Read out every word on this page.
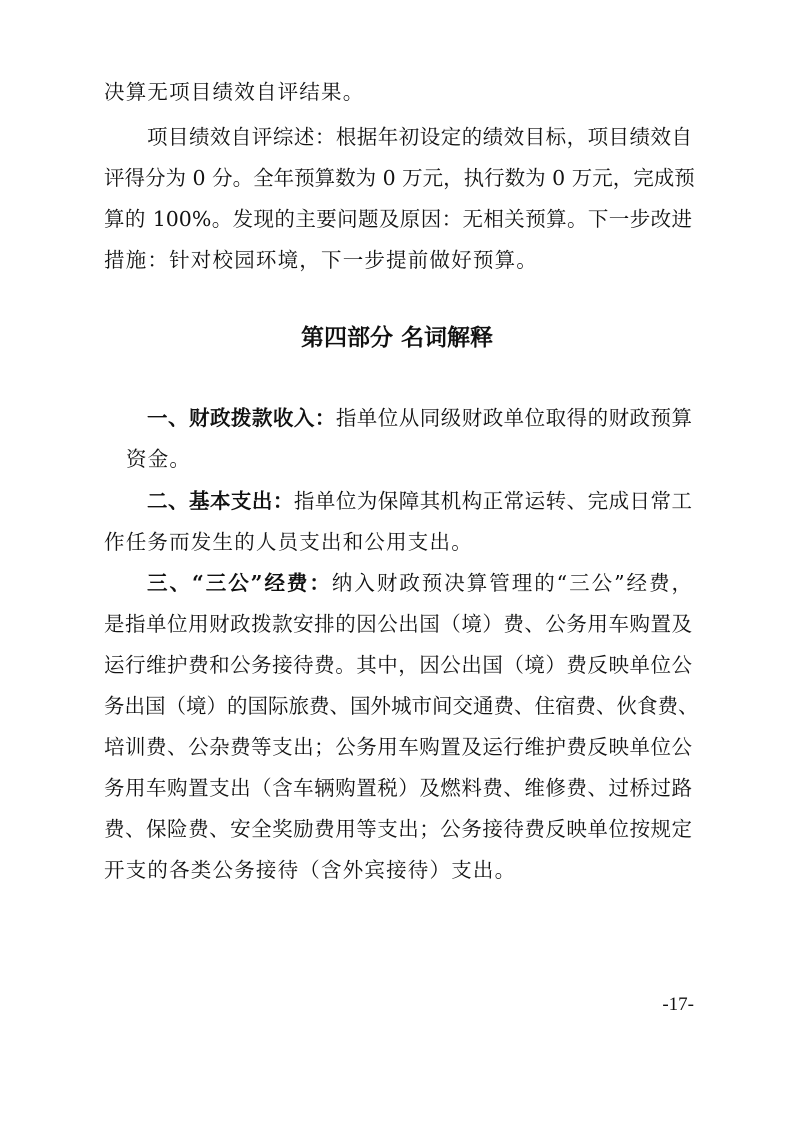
决算无项目绩效自评结果。
项目绩效自评综述：根据年初设定的绩效目标，项目绩效自
评得分为 0 分。全年预算数为 0 万元，执行数为 0 万元，完成预
算的 100%。发现的主要问题及原因：无相关预算。下一步改进
措施：针对校园环境，下一步提前做好预算。
第四部分 名词解释
一、财政拨款收入：指单位从同级财政单位取得的财政预算
资金。
二、基本支出：指单位为保障其机构正常运转、完成日常工
作任务而发生的人员支出和公用支出。
三、“三公”经费：纳入财政预决算管理的“三公”经费，
是指单位用财政拨款安排的因公出国（境）费、公务用车购置及
运行维护费和公务接待费。其中，因公出国（境）费反映单位公
务出国（境）的国际旅费、国外城市间交通费、住宿费、伙食费、
培训费、公杂费等支出；公务用车购置及运行维护费反映单位公
务用车购置支出（含车辆购置税）及燃料费、维修费、过桥过路
费、保险费、安全奖励费用等支出；公务接待费反映单位按规定
开支的各类公务接待（含外宾接待）支出。
-17-
